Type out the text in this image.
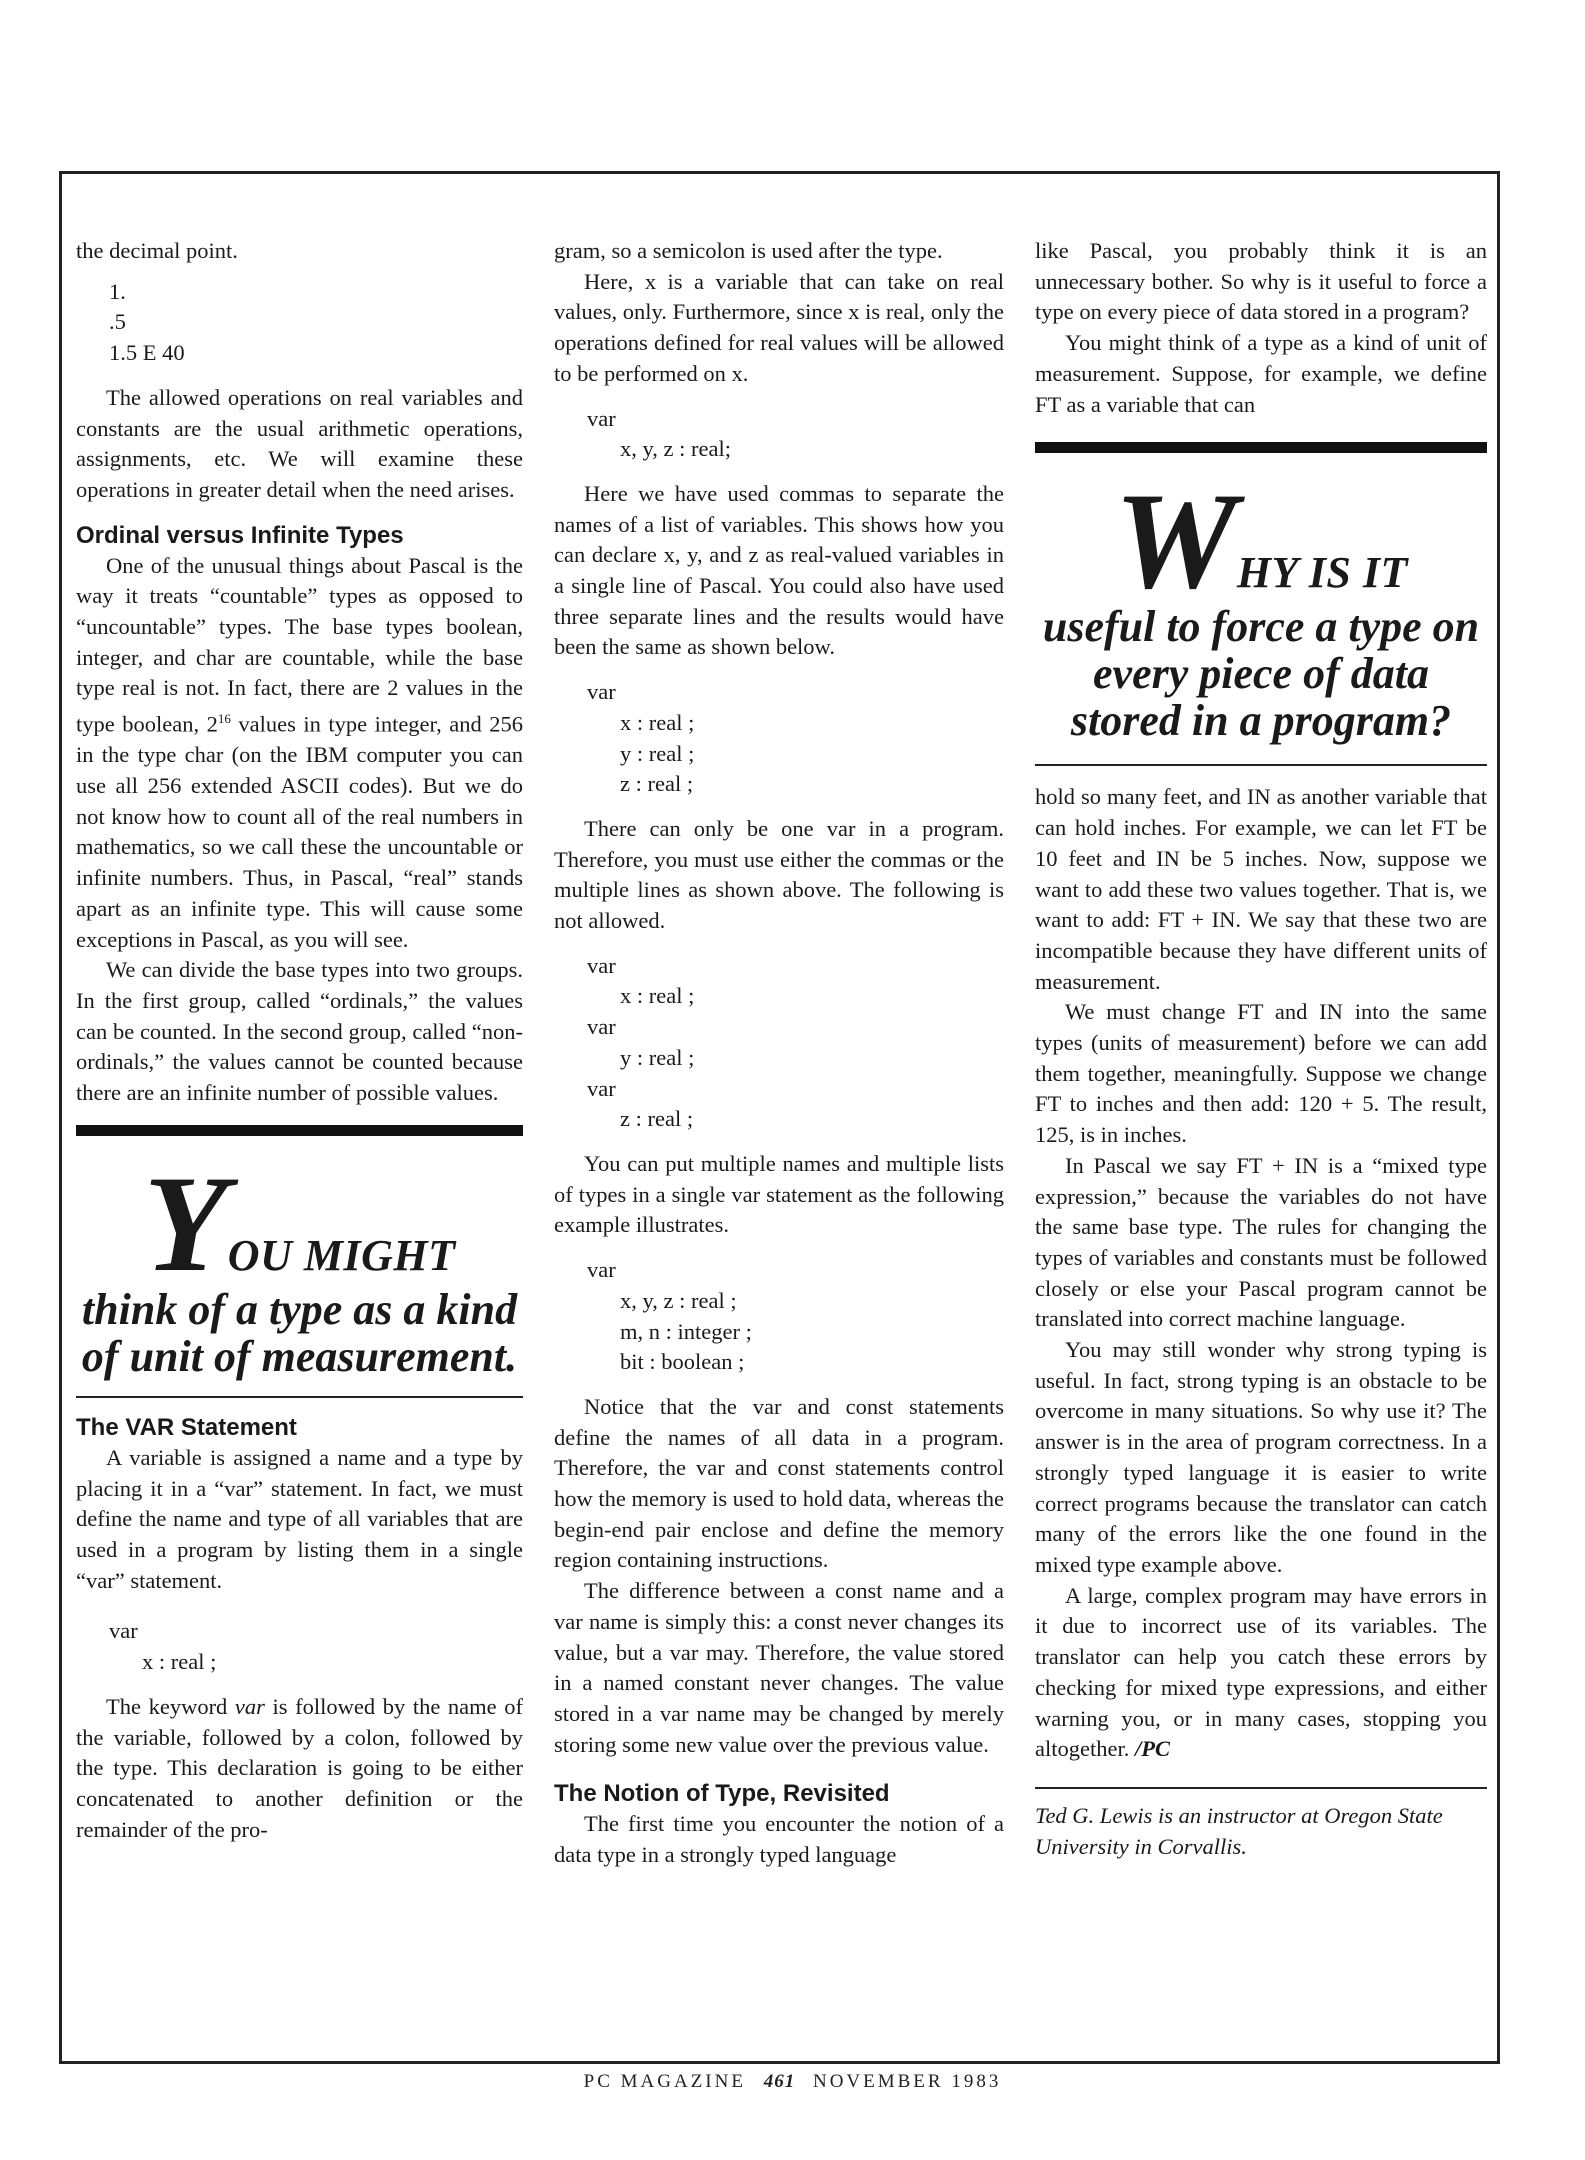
the decimal point.

1.
.5
1.5 E 40

The allowed operations on real variables and constants are the usual arithmetic operations, assignments, etc. We will examine these operations in greater detail when the need arises.

Ordinal versus Infinite Types

One of the unusual things about Pascal is the way it treats “countable” types as opposed to “uncountable” types. The base types boolean, integer, and char are countable, while the base type real is not. In fact, there are 2 values in the type boolean, $2^{16}$ values in type integer, and 256 in the type char (on the IBM computer you can use all 256 extended ASCII codes). But we do not know how to count all of the real numbers in mathematics, so we call these the uncountable or infinite numbers. Thus, in Pascal, “real” stands apart as an infinite type. This will cause some exceptions in Pascal, as you will see.

We can divide the base types into two groups. In the first group, called “ordinals,” the values can be counted. In the second group, called “non-ordinals,” the values cannot be counted because there are an infinite number of possible values.

YOU MIGHT
think of a type as a kind of unit of measurement.
The VAR Statement

A variable is assigned a name and a type by placing it in a “var” statement. In fact, we must define the name and type of all variables that are used in a program by listing them in a single “var” statement.

var
x : real ;

The keyword var is followed by the name of the variable, followed by a colon, followed by the type. This declaration is going to be either concatenated to another definition or the remainder of the pro-

gram, so a semicolon is used after the type.

Here, x is a variable that can take on real values, only. Furthermore, since x is real, only the operations defined for real values will be allowed to be performed on x.

var
x, y, z : real;

Here we have used commas to separate the names of a list of variables. This shows how you can declare x, y, and z as real-valued variables in a single line of Pascal. You could also have used three separate lines and the results would have been the same as shown below.

var
x : real ;
y : real ;
z : real ;

There can only be one var in a program. Therefore, you must use either the commas or the multiple lines as shown above. The following is not allowed.

var
x : real ;
var
y : real ;
var
z : real ;

You can put multiple names and multiple lists of types in a single var statement as the following example illustrates.

var
x, y, z : real ;
m, n : integer ;
bit : boolean ;

Notice that the var and const statements define the names of all data in a program. Therefore, the var and const statements control how the memory is used to hold data, whereas the begin-end pair enclose and define the memory region containing instructions.

The difference between a const name and a var name is simply this: a const never changes its value, but a var may. Therefore, the value stored in a named constant never changes. The value stored in a var name may be changed by merely storing some new value over the previous value.

The Notion of Type, Revisited

The first time you encounter the notion of a data type in a strongly typed language

like Pascal, you probably think it is an unnecessary bother. So why is it useful to force a type on every piece of data stored in a program?

You might think of a type as a kind of unit of measurement. Suppose, for example, we define FT as a variable that can

WHY IS IT
useful to force a type on every piece of data stored in a program?

hold so many feet, and IN as another variable that can hold inches. For example, we can let FT be 10 feet and IN be 5 inches. Now, suppose we want to add these two values together. That is, we want to add: FT + IN. We say that these two are incompatible because they have different units of measurement.

We must change FT and IN into the same types (units of measurement) before we can add them together, meaningfully. Suppose we change FT to inches and then add: 120 + 5. The result, 125, is in inches.

In Pascal we say FT + IN is a “mixed type expression,” because the variables do not have the same base type. The rules for changing the types of variables and constants must be followed closely or else your Pascal program cannot be translated into correct machine language.

You may still wonder why strong typing is useful. In fact, strong typing is an obstacle to be overcome in many situations. So why use it? The answer is in the area of program correctness. In a strongly typed language it is easier to write correct programs because the translator can catch many of the errors like the one found in the mixed type example above.

A large, complex program may have errors in it due to incorrect use of its variables. The translator can help you catch these errors by checking for mixed type expressions, and either warning you, or in many cases, stopping you altogether. /PC

Ted G. Lewis is an instructor at Oregon State University in Corvallis.

PC MAGAZINE 461 NOVEMBER 1983
